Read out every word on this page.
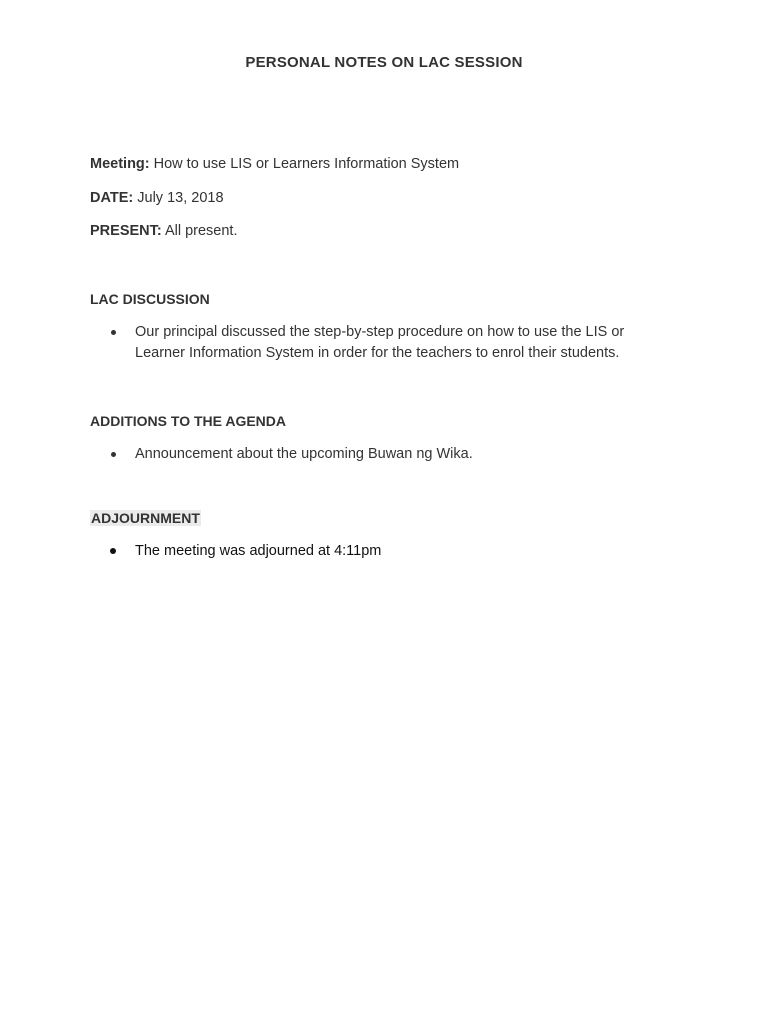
PERSONAL NOTES ON LAC SESSION
Meeting: How to use LIS or Learners Information System
DATE: July 13, 2018
PRESENT: All present.
LAC DISCUSSION
Our principal discussed the step-by-step procedure on how to use the LIS or Learner Information System in order for the teachers to enrol their students.
ADDITIONS TO THE AGENDA
Announcement about the upcoming Buwan ng Wika.
ADJOURNMENT
The meeting was adjourned at 4:11pm
